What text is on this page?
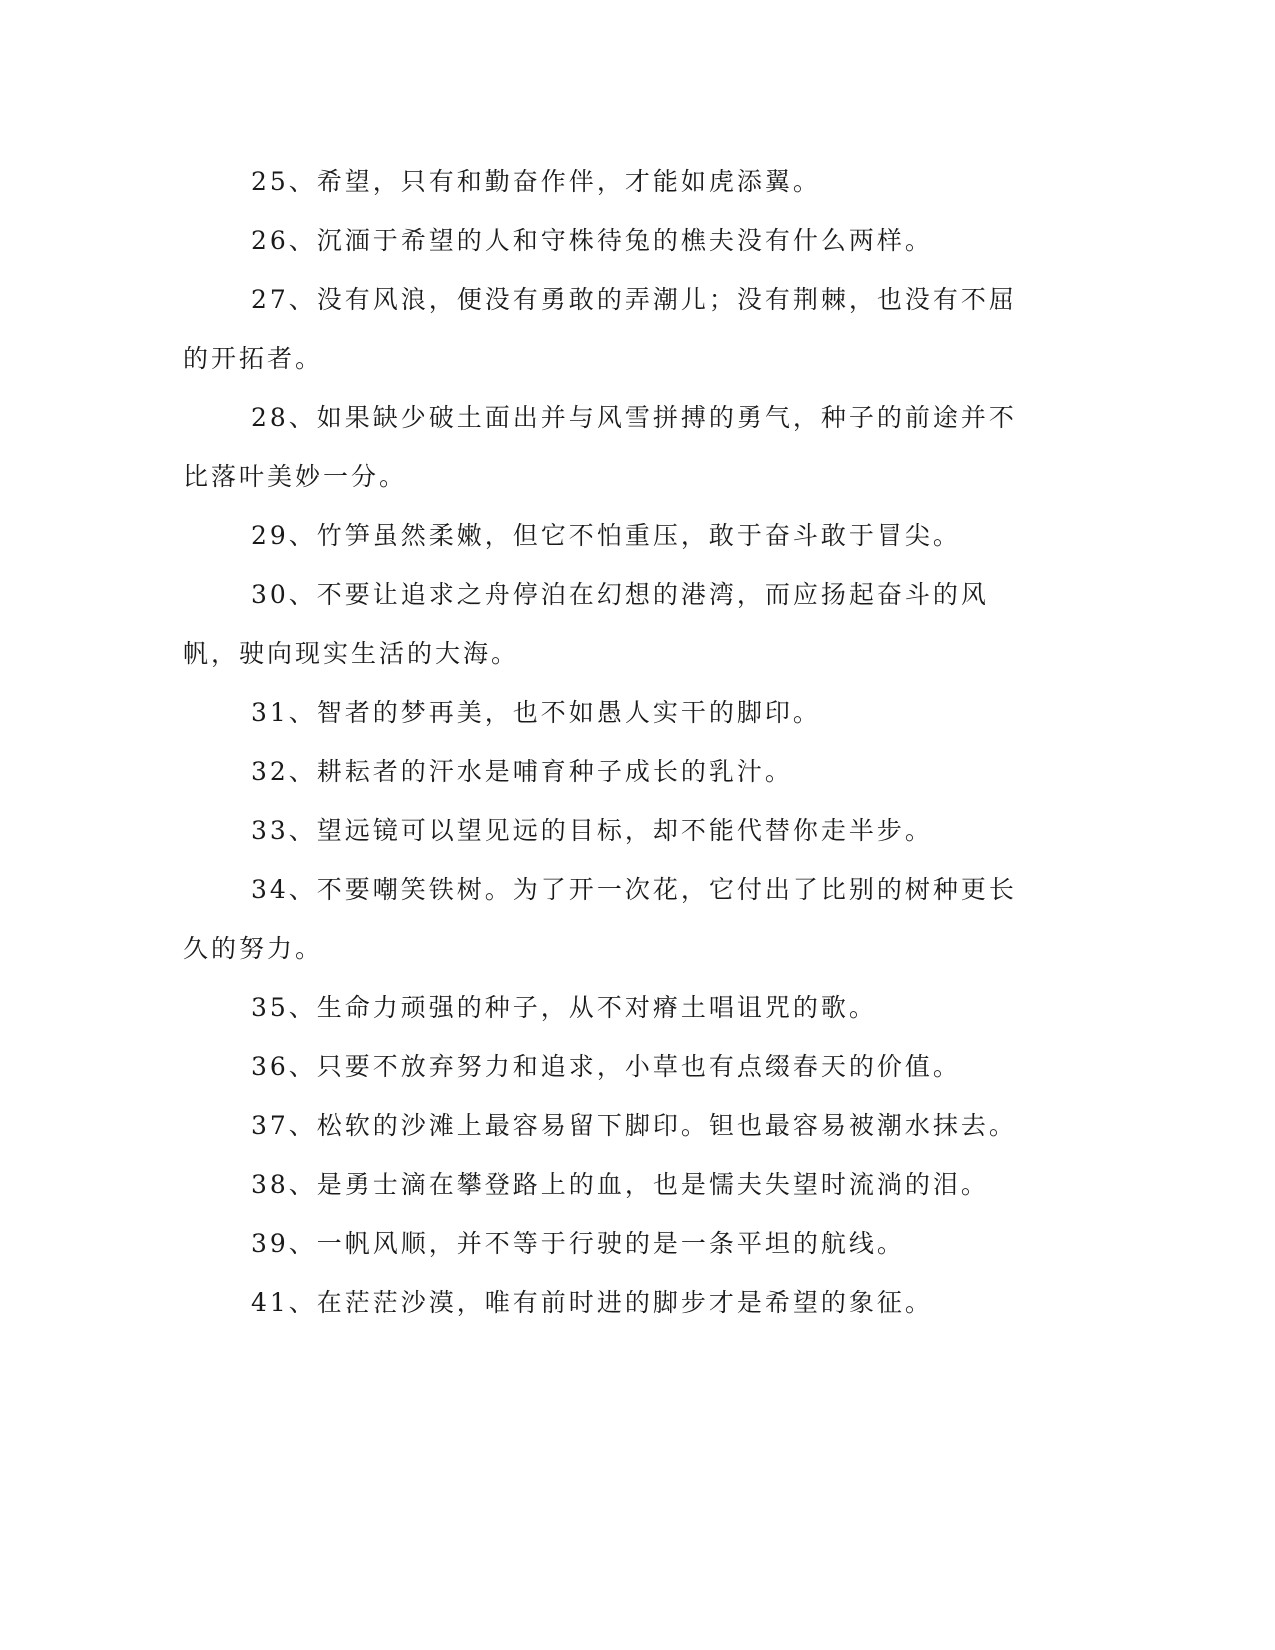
25、希望，只有和勤奋作伴，才能如虎添翼。

26、沉湎于希望的人和守株待兔的樵夫没有什么两样。

27、没有风浪，便没有勇敢的弄潮儿；没有荆棘，也没有不屈的开拓者。

28、如果缺少破土面出并与风雪拼搏的勇气，种子的前途并不比落叶美妙一分。

29、竹笋虽然柔嫩，但它不怕重压，敢于奋斗敢于冒尖。

30、不要让追求之舟停泊在幻想的港湾，而应扬起奋斗的风帆，驶向现实生活的大海。

31、智者的梦再美，也不如愚人实干的脚印。

32、耕耘者的汗水是哺育种子成长的乳汁。

33、望远镜可以望见远的目标，却不能代替你走半步。

34、不要嘲笑铁树。为了开一次花，它付出了比别的树种更长久的努力。

35、生命力顽强的种子，从不对瘠土唱诅咒的歌。

36、只要不放弃努力和追求，小草也有点缀春天的价值。

37、松软的沙滩上最容易留下脚印。钽也最容易被潮水抹去。

38、是勇士滴在攀登路上的血，也是懦夫失望时流淌的泪。

39、一帆风顺，并不等于行驶的是一条平坦的航线。

41、在茫茫沙漠，唯有前时进的脚步才是希望的象征。
